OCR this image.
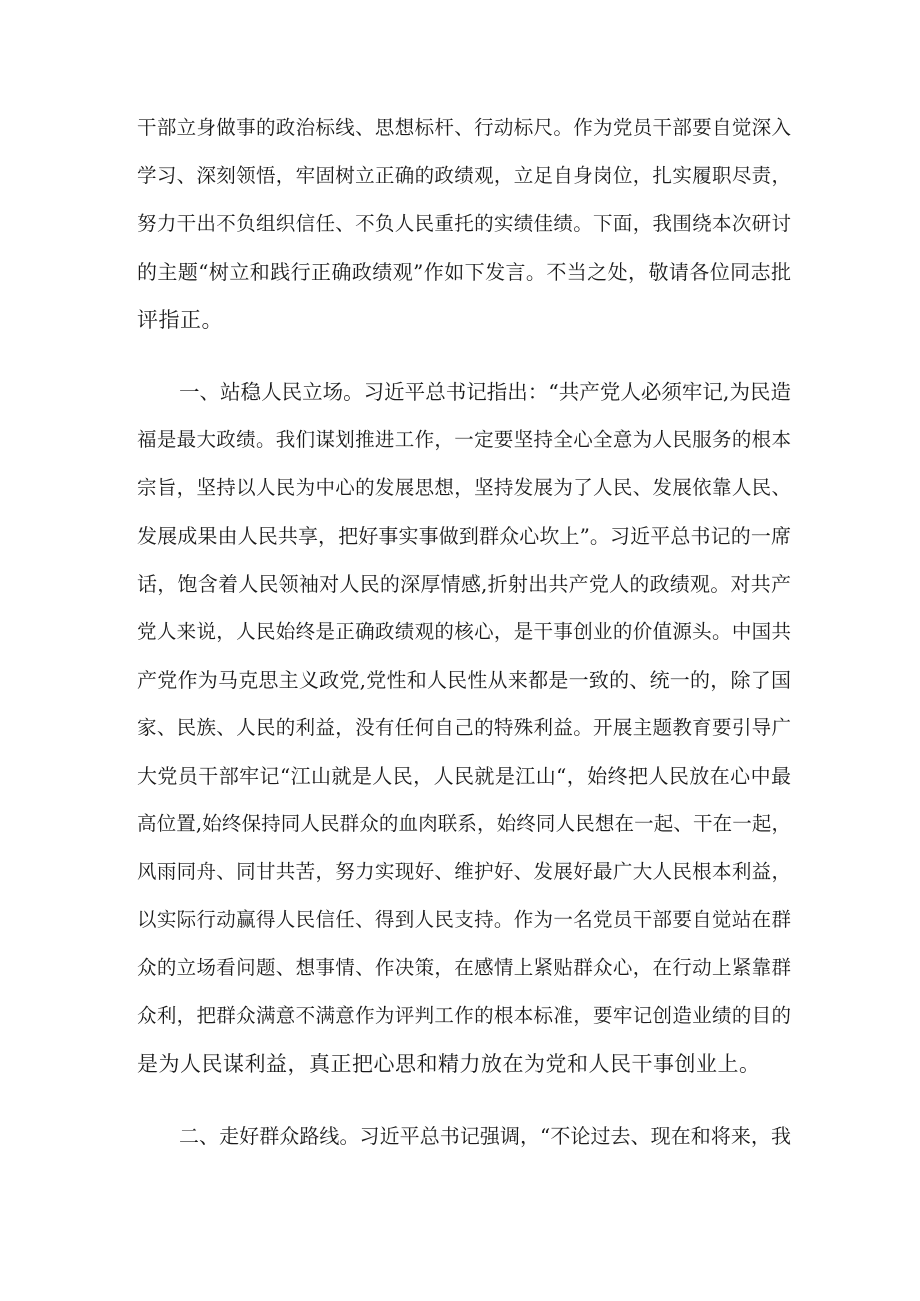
干部立身做事的政治标线、思想标杆、行动标尺。作为党员干部要自觉深入
学习、深刻领悟，牢固树立正确的政绩观，立足自身岗位，扎实履职尽责，
努力干出不负组织信任、不负人民重托的实绩佳绩。下面，我围绕本次研讨
的主题“树立和践行正确政绩观”作如下发言。不当之处，敬请各位同志批
评指正。
一、站稳人民立场。习近平总书记指出：“共产党人必须牢记,为民造
福是最大政绩。我们谋划推进工作，一定要坚持全心全意为人民服务的根本
宗旨，坚持以人民为中心的发展思想，坚持发展为了人民、发展依靠人民、
发展成果由人民共享，把好事实事做到群众心坎上”。习近平总书记的一席
话，饱含着人民领袖对人民的深厚情感,折射出共产党人的政绩观。对共产
党人来说，人民始终是正确政绩观的核心，是干事创业的价值源头。中国共
产党作为马克思主义政党,党性和人民性从来都是一致的、统一的，除了国
家、民族、人民的利益，没有任何自己的特殊利益。开展主题教育要引导广
大党员干部牢记“江山就是人民，人民就是江山“，始终把人民放在心中最
高位置,始终保持同人民群众的血肉联系，始终同人民想在一起、干在一起，
风雨同舟、同甘共苦，努力实现好、维护好、发展好最广大人民根本利益，
以实际行动赢得人民信任、得到人民支持。作为一名党员干部要自觉站在群
众的立场看问题、想事情、作决策，在感情上紧贴群众心，在行动上紧靠群
众利，把群众满意不满意作为评判工作的根本标准，要牢记创造业绩的目的
是为人民谋利益，真正把心思和精力放在为党和人民干事创业上。
二、走好群众路线。习近平总书记强调，“不论过去、现在和将来，我
